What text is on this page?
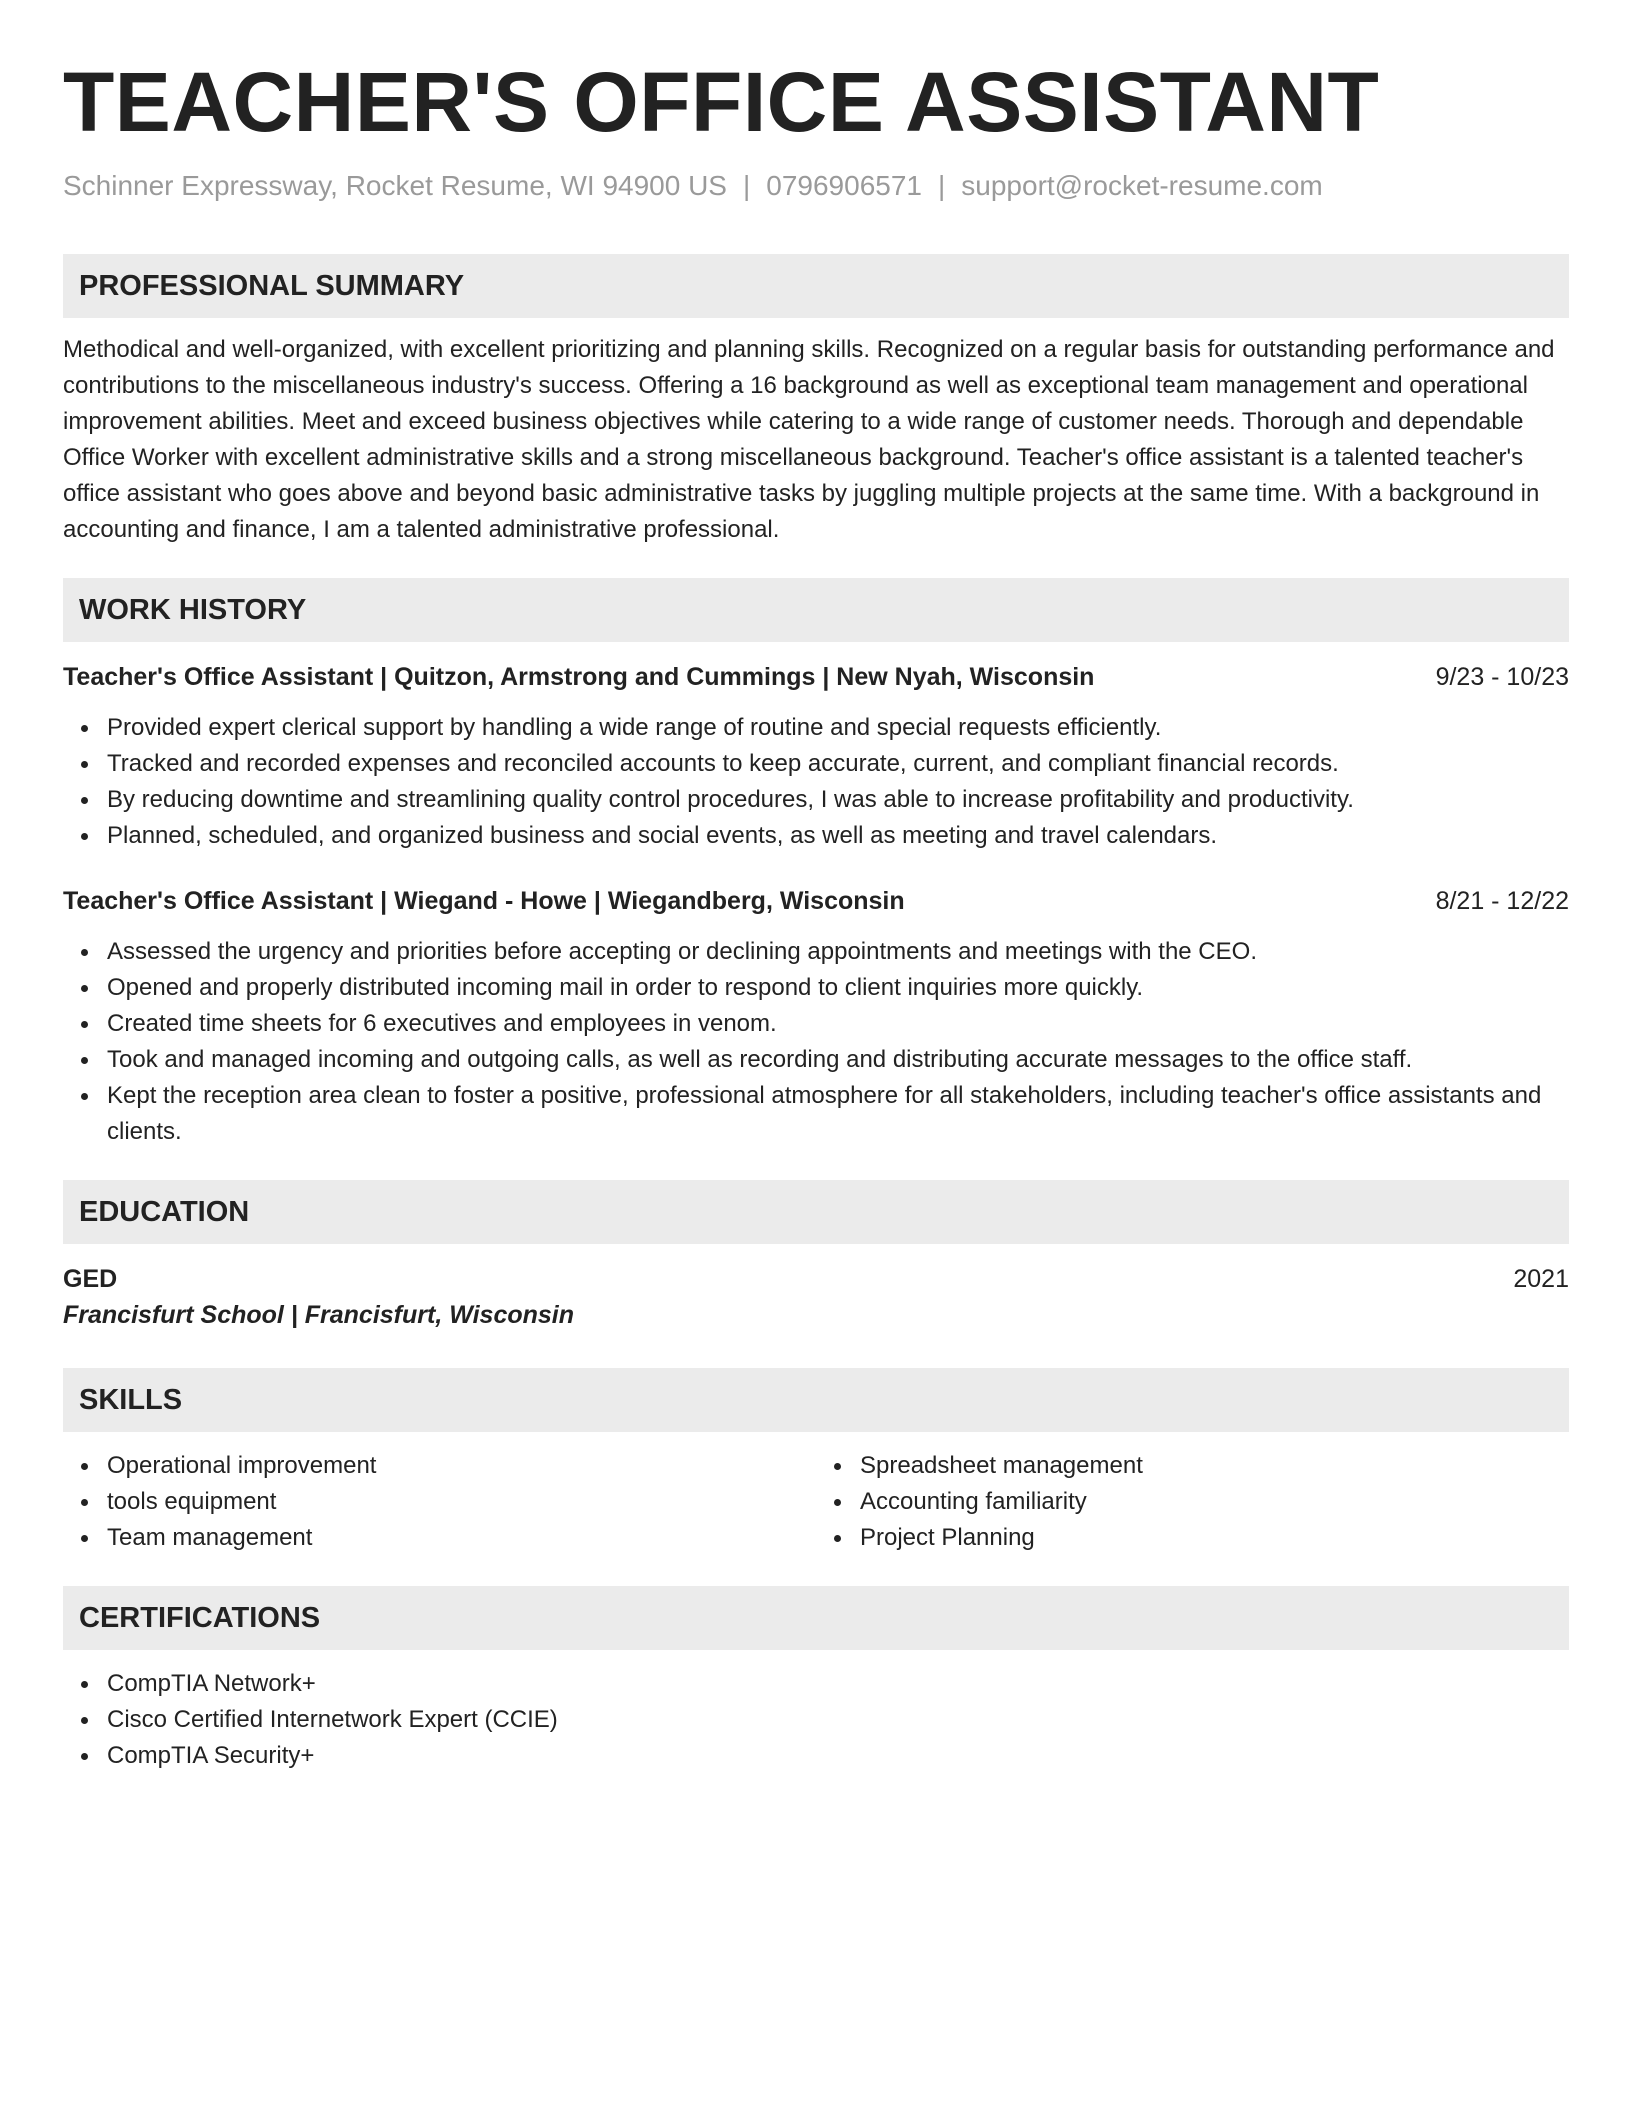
TEACHER'S OFFICE ASSISTANT
Schinner Expressway, Rocket Resume, WI 94900 US | 0796906571 | support@rocket-resume.com
PROFESSIONAL SUMMARY

Methodical and well-organized, with excellent prioritizing and planning skills. Recognized on a regular basis for outstanding performance and contributions to the miscellaneous industry's success. Offering a 16 background as well as exceptional team management and operational improvement abilities. Meet and exceed business objectives while catering to a wide range of customer needs. Thorough and dependable Office Worker with excellent administrative skills and a strong miscellaneous background. Teacher's office assistant is a talented teacher's office assistant who goes above and beyond basic administrative tasks by juggling multiple projects at the same time. With a background in accounting and finance, I am a talented administrative professional.

WORK HISTORY
Teacher's Office Assistant | Quitzon, Armstrong and Cummings | New Nyah, Wisconsin	9/23 - 10/23
Provided expert clerical support by handling a wide range of routine and special requests efficiently.
Tracked and recorded expenses and reconciled accounts to keep accurate, current, and compliant financial records.
By reducing downtime and streamlining quality control procedures, I was able to increase profitability and productivity.
Planned, scheduled, and organized business and social events, as well as meeting and travel calendars.
Teacher's Office Assistant | Wiegand - Howe | Wiegandberg, Wisconsin	8/21 - 12/22
Assessed the urgency and priorities before accepting or declining appointments and meetings with the CEO.
Opened and properly distributed incoming mail in order to respond to client inquiries more quickly.
Created time sheets for 6 executives and employees in venom.
Took and managed incoming and outgoing calls, as well as recording and distributing accurate messages to the office staff.
Kept the reception area clean to foster a positive, professional atmosphere for all stakeholders, including teacher's office assistants and clients.
EDUCATION
GED	2021
Francisfurt School | Francisfurt, Wisconsin
SKILLS
Operational improvement
tools equipment
Team management
Spreadsheet management
Accounting familiarity
Project Planning
CERTIFICATIONS
CompTIA Network+
Cisco Certified Internetwork Expert (CCIE)
CompTIA Security+
